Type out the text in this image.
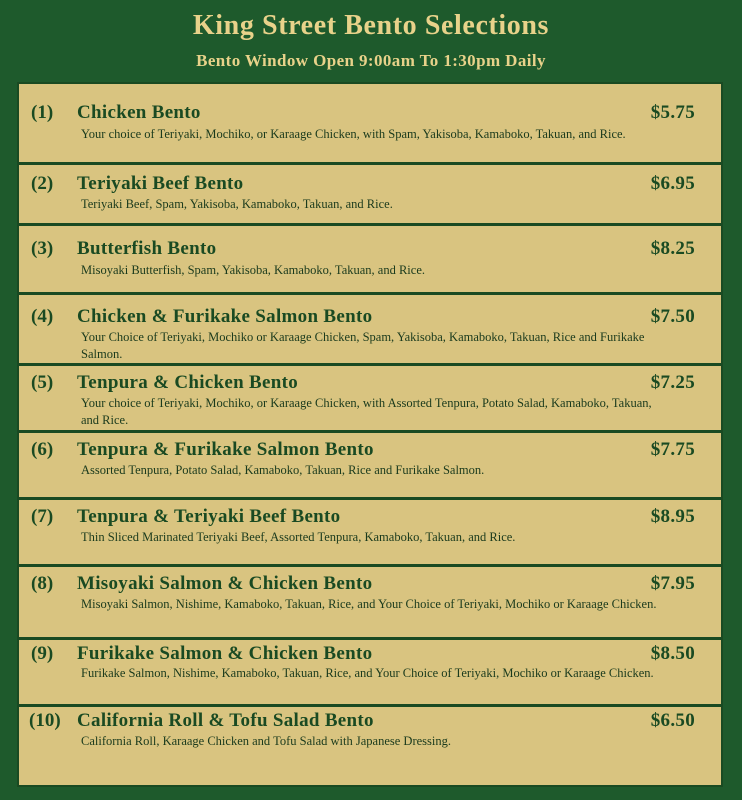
King Street Bento Selections
Bento Window Open 9:00am To 1:30pm Daily
(1) Chicken Bento	$5.75
Your choice of Teriyaki, Mochiko, or Karaage Chicken, with Spam, Yakisoba, Kamaboko, Takuan, and Rice.
(2) Teriyaki Beef Bento	$6.95
Teriyaki Beef, Spam, Yakisoba, Kamaboko, Takuan, and Rice.
(3) Butterfish Bento	$8.25
Misoyaki Butterfish, Spam, Yakisoba, Kamaboko, Takuan, and Rice.
(4) Chicken & Furikake Salmon Bento	$7.50
Your Choice of Teriyaki, Mochiko or Karaage Chicken, Spam, Yakisoba, Kamaboko, Takuan, Rice and Furikake Salmon.
(5) Tenpura & Chicken Bento	$7.25
Your choice of Teriyaki, Mochiko, or Karaage Chicken, with Assorted Tenpura, Potato Salad, Kamaboko, Takuan, and Rice.
(6) Tenpura & Furikake Salmon Bento	$7.75
Assorted Tenpura, Potato Salad, Kamaboko, Takuan, Rice and Furikake Salmon.
(7) Tenpura & Teriyaki Beef Bento	$8.95
Thin Sliced Marinated Teriyaki Beef, Assorted Tenpura, Kamaboko, Takuan, and Rice.
(8) Misoyaki Salmon & Chicken Bento	$7.95
Misoyaki Salmon, Nishime, Kamaboko, Takuan, Rice, and Your Choice of Teriyaki, Mochiko or Karaage Chicken.
(9) Furikake Salmon & Chicken Bento	$8.50
Furikake Salmon, Nishime, Kamaboko, Takuan, Rice, and Your Choice of Teriyaki, Mochiko or Karaage Chicken.
(10) California Roll & Tofu Salad Bento	$6.50
California Roll, Karaage Chicken and Tofu Salad with Japanese Dressing.
